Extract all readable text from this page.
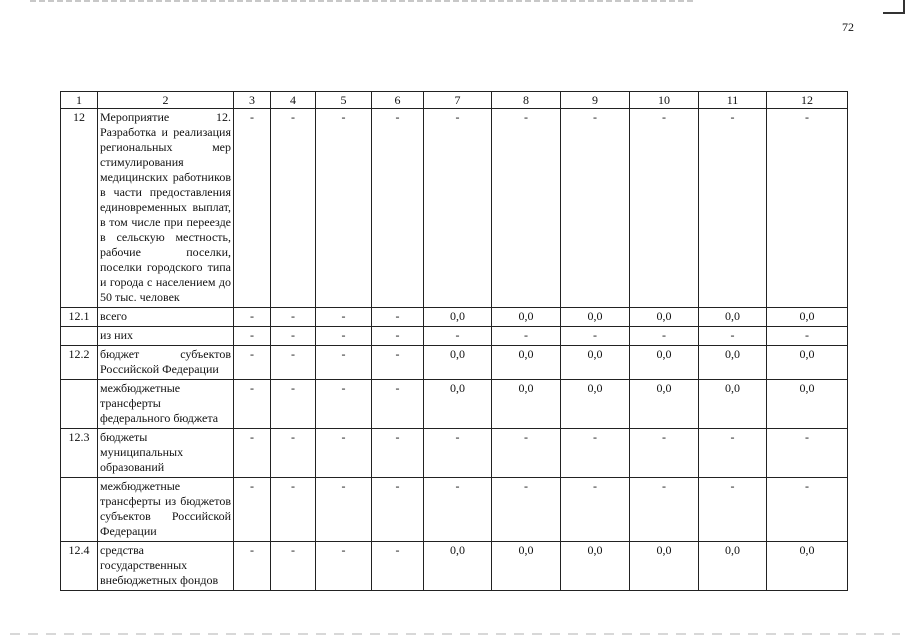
72
1	2	3	4	5	6	7	8	9	10	11	12
12	Мероприятие 12. Разработка и реализация региональных мер стимулирования медицинских работников в части предоставления единовременных выплат, в том числе при переезде в сельскую местность, рабочие поселки, поселки городского типа и города с населением до 50 тыс. человек	-	-	-	-	-	-	-	-	-	-
12.1	всего	-	-	-	-	0,0	0,0	0,0	0,0	0,0	0,0
	из них	-	-	-	-	-	-	-	-	-	-
12.2	бюджет субъектов Российской Федерации	-	-	-	-	0,0	0,0	0,0	0,0	0,0	0,0
	межбюджетные трансферты федерального бюджета	-	-	-	-	0,0	0,0	0,0	0,0	0,0	0,0
12.3	бюджеты муниципальных образований	-	-	-	-	-	-	-	-	-	-
	межбюджетные трансферты из бюджетов субъектов Российской Федерации	-	-	-	-	-	-	-	-	-	-
12.4	средства государственных внебюджетных фондов	-	-	-	-	0,0	0,0	0,0	0,0	0,0	0,0
